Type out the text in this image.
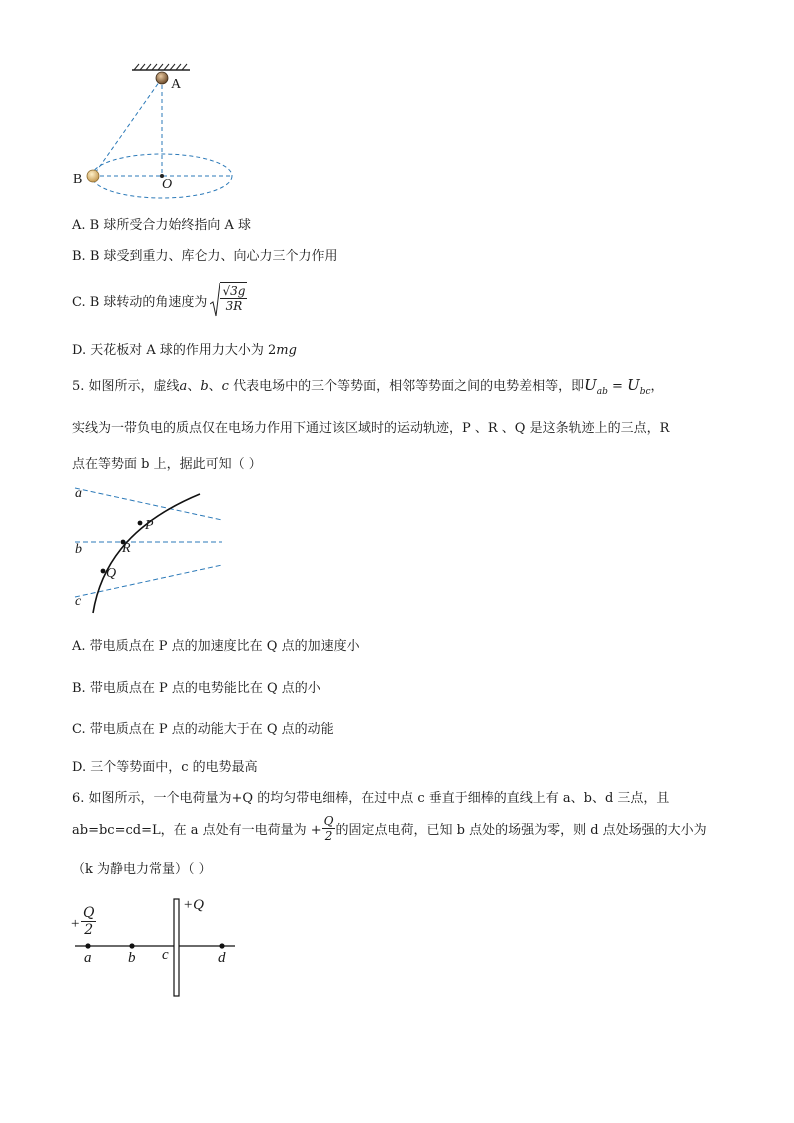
A
B	O
A. B 球所受合力始终指向 A 球
B. B 球受到重力、库仑力、向心力三个力作用
C. B 球转动的角速度为 $\frac{√3g}{3R}$
D. 天花板对 A 球的作用力大小为 2mg
5. 如图所示，虚线a、b、c 代表电场中的三个等势面，相邻等势面之间的电势差相等，即$U_{ab} = U_{bc}$，
实线为一带负电的质点仅在电场力作用下通过该区域时的运动轨迹，P 、R 、Q 是这条轨迹上的三点，R
点在等势面 b 上，据此可知（ ）
a
b
c
P
R
Q
A. 带电质点在 P 点的加速度比在 Q 点的加速度小
B. 带电质点在 P 点的电势能比在 Q 点的小
C. 带电质点在 P 点的动能大于在 Q 点的动能
D. 三个等势面中，c 的电势最高
6. 如图所示，一个电荷量为+Q 的均匀带电细棒，在过中点 c 垂直于细棒的直线上有 a、b、d 三点，且
ab=bc=cd=L，在 a 点处有一电荷量为 + $\frac{Q}{2}$ 的固定点电荷，已知 b 点处的场强为零，则 d 点处场强的大小为
（k 为静电力常量）（ ）
+ $\frac{Q}{2}$	+Q
a b c	d
